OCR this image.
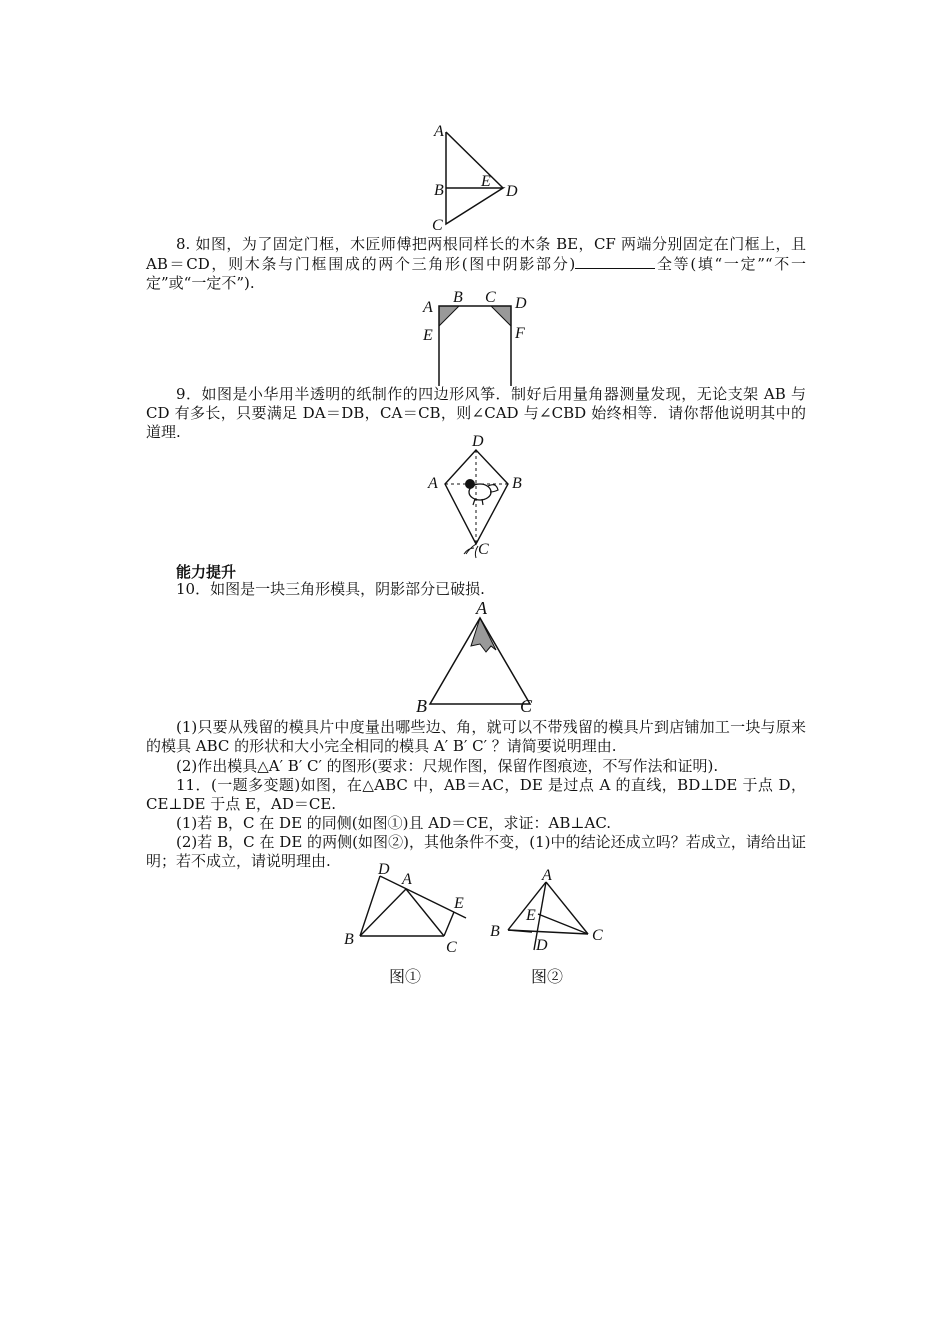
A
B
E
D
C

8. 如图，为了固定门框，木匠师傅把两根同样长的木条 BE，CF 两端分别固定在门框上，且 AB＝CD，则木条与门框围成的两个三角形(图中阴影部分)	全等(填“一定”“不一定”或“一定不”).

A
B C D
E	F

9．如图是小华用半透明的纸制作的四边形风筝．制好后用量角器测量发现，无论支架 AB 与 CD 有多长，只要满足 DA＝DB，CA＝CB，则∠CAD 与∠CBD 始终相等．请你帮他说明其中的道理.

D
A	B
C
能力提升

10．如图是一块三角形模具，阴影部分已破损.

A
B	C

(1)只要从残留的模具片中度量出哪些边、角，就可以不带残留的模具片到店铺加工一块与原来的模具 ABC 的形状和大小完全相同的模具 A′ B′ C′ ？请简要说明理由.

(2)作出模具△A′ B′ C′ 的图形(要求：尺规作图，保留作图痕迹，不写作法和证明).

11．(一题多变题)如图，在△ABC 中，AB＝AC，DE 是过点 A 的直线，BD⊥DE 于点 D，CE⊥DE 于点 E，AD＝CE.

(1)若 B，C 在 DE 的同侧(如图①)且 AD＝CE，求证：AB⊥AC.

(2)若 B，C 在 DE 的两侧(如图②)，其他条件不变，(1)中的结论还成立吗？若成立，请给出证明；若不成立，请说明理由.	D
A
E
B	C
图①
A
E
B
D
C
图②
